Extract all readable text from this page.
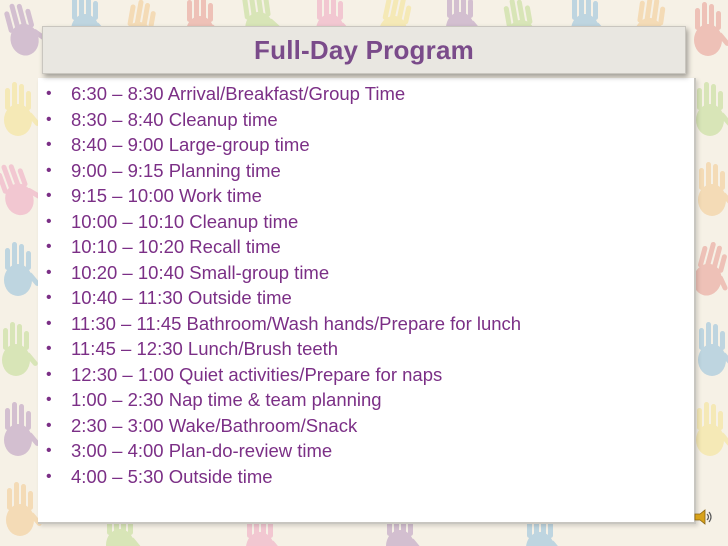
Full-Day Program
• 6:30 – 8:30 Arrival/Breakfast/Group Time
• 8:30 – 8:40 Cleanup time
• 8:40 – 9:00 Large-group time
• 9:00 – 9:15 Planning time
• 9:15 – 10:00 Work time
• 10:00 – 10:10 Cleanup time
• 10:10 – 10:20 Recall time
• 10:20 – 10:40 Small-group time
• 10:40 – 11:30 Outside time
• 11:30 – 11:45 Bathroom/Wash hands/Prepare for lunch
• 11:45 – 12:30 Lunch/Brush teeth
• 12:30 – 1:00 Quiet activities/Prepare for naps
• 1:00 – 2:30 Nap time & team planning
• 2:30 – 3:00 Wake/Bathroom/Snack
• 3:00 – 4:00 Plan-do-review time
• 4:00 – 5:30 Outside time
